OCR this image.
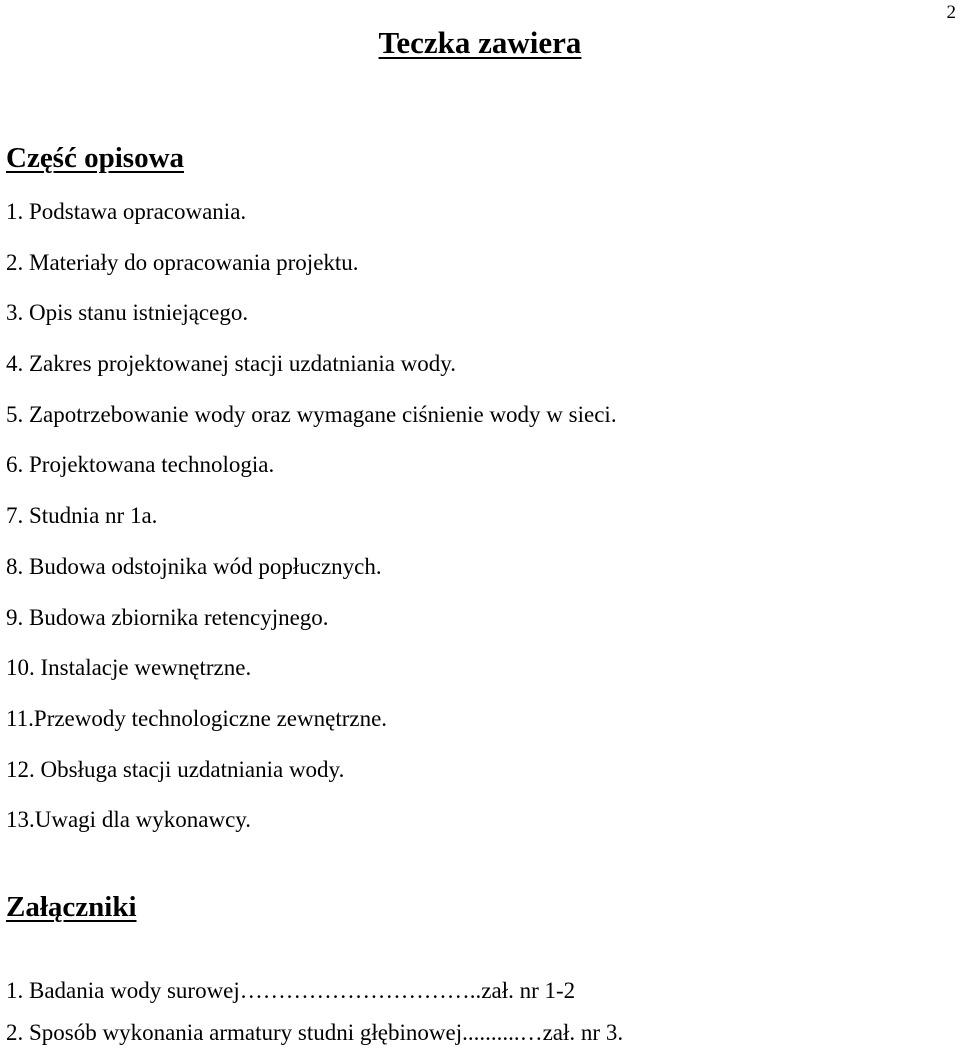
2
Teczka zawiera
Część opisowa
1. Podstawa opracowania.
2. Materiały do opracowania projektu.
3. Opis stanu istniejącego.
4. Zakres projektowanej stacji uzdatniania wody.
5. Zapotrzebowanie wody oraz wymagane ciśnienie wody w sieci.
6. Projektowana technologia.
7. Studnia nr 1a.
8. Budowa odstojnika wód popłucznych.
9. Budowa zbiornika retencyjnego.
10. Instalacje wewnętrzne.
11.Przewody technologiczne zewnętrzne.
12. Obsługa stacji uzdatniania wody.
13.Uwagi dla wykonawcy.
Załączniki
1. Badania wody surowej…………………………..zał. nr 1-2
2. Sposób wykonania armatury studni głębinowej..........…zał. nr 3.
